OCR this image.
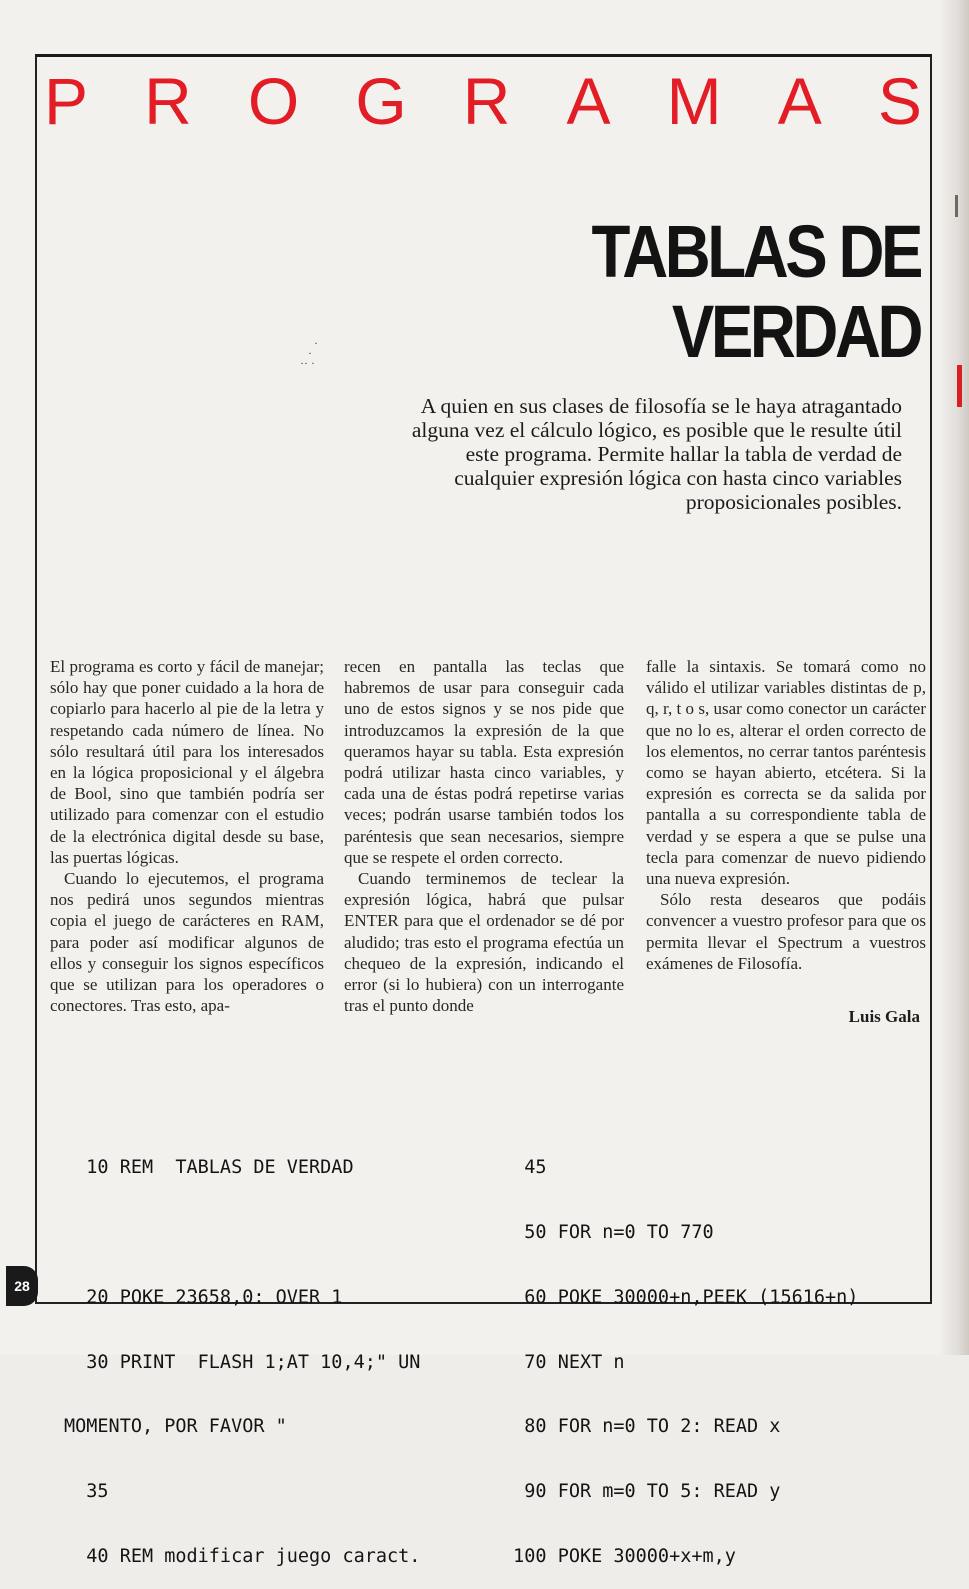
P R O G R A M A S
TABLAS DE VERDAD
·
·
·· ·
A quien en sus clases de filosofía se le haya atragantado
alguna vez el cálculo lógico, es posible que le resulte útil
este programa. Permite hallar la tabla de verdad de
cualquier expresión lógica con hasta cinco variables
proposicionales posibles.

El programa es corto y fácil de manejar; sólo hay que poner cuidado a la hora de copiarlo para hacerlo al pie de la letra y respetando cada número de línea. No sólo resultará útil para los interesados en la lógica proposicional y el álgebra de Bool, sino que también podría ser utilizado para comenzar con el estudio de la electrónica digital desde su base, las puertas lógicas.

Cuando lo ejecutemos, el programa nos pedirá unos segundos mientras copia el juego de carácteres en RAM, para poder así modificar algunos de ellos y conseguir los signos específicos que se utilizan para los operadores o conectores. Tras esto, apa-

recen en pantalla las teclas que habremos de usar para conseguir cada uno de estos signos y se nos pide que introduzcamos la expresión de la que queramos hayar su tabla. Esta expresión podrá utilizar hasta cinco variables, y cada una de éstas podrá repetirse varias veces; podrán usarse también todos los paréntesis que sean necesarios, siempre que se respete el orden correcto.

Cuando terminemos de teclear la expresión lógica, habrá que pulsar ENTER para que el ordenador se dé por aludido; tras esto el programa efectúa un chequeo de la expresión, indicando el error (si lo hubiera) con un interrogante tras el punto donde

falle la sintaxis. Se tomará como no válido el utilizar variables distintas de p, q, r, t o s, usar como conector un carácter que no lo es, alterar el orden correcto de los elementos, no cerrar tantos paréntesis como se hayan abierto, etcétera. Si la expresión es correcta se da salida por pantalla a su correspondiente tabla de verdad y se espera a que se pulse una tecla para comenzar de nuevo pidiendo una nueva expresión.

Sólo resta desearos que podáis convencer a vuestro profesor para que os permita llevar el Spectrum a vuestros exámenes de Filosofía.

Luis Gala

10 REM  TABLAS DE VERDAD

20 POKE 23658,0: OVER 1

30 PRINT  FLASH 1;AT 10,4;" UN

MOMENTO, POR FAVOR "

35

40 REM modificar juego caract.

45

50 FOR n=0 TO 770

60 POKE 30000+n,PEEK (15616+n)

70 NEXT n

80 FOR n=0 TO 2: READ x

90 FOR m=0 TO 5: READ y

100 POKE 30000+x+m,y

28
